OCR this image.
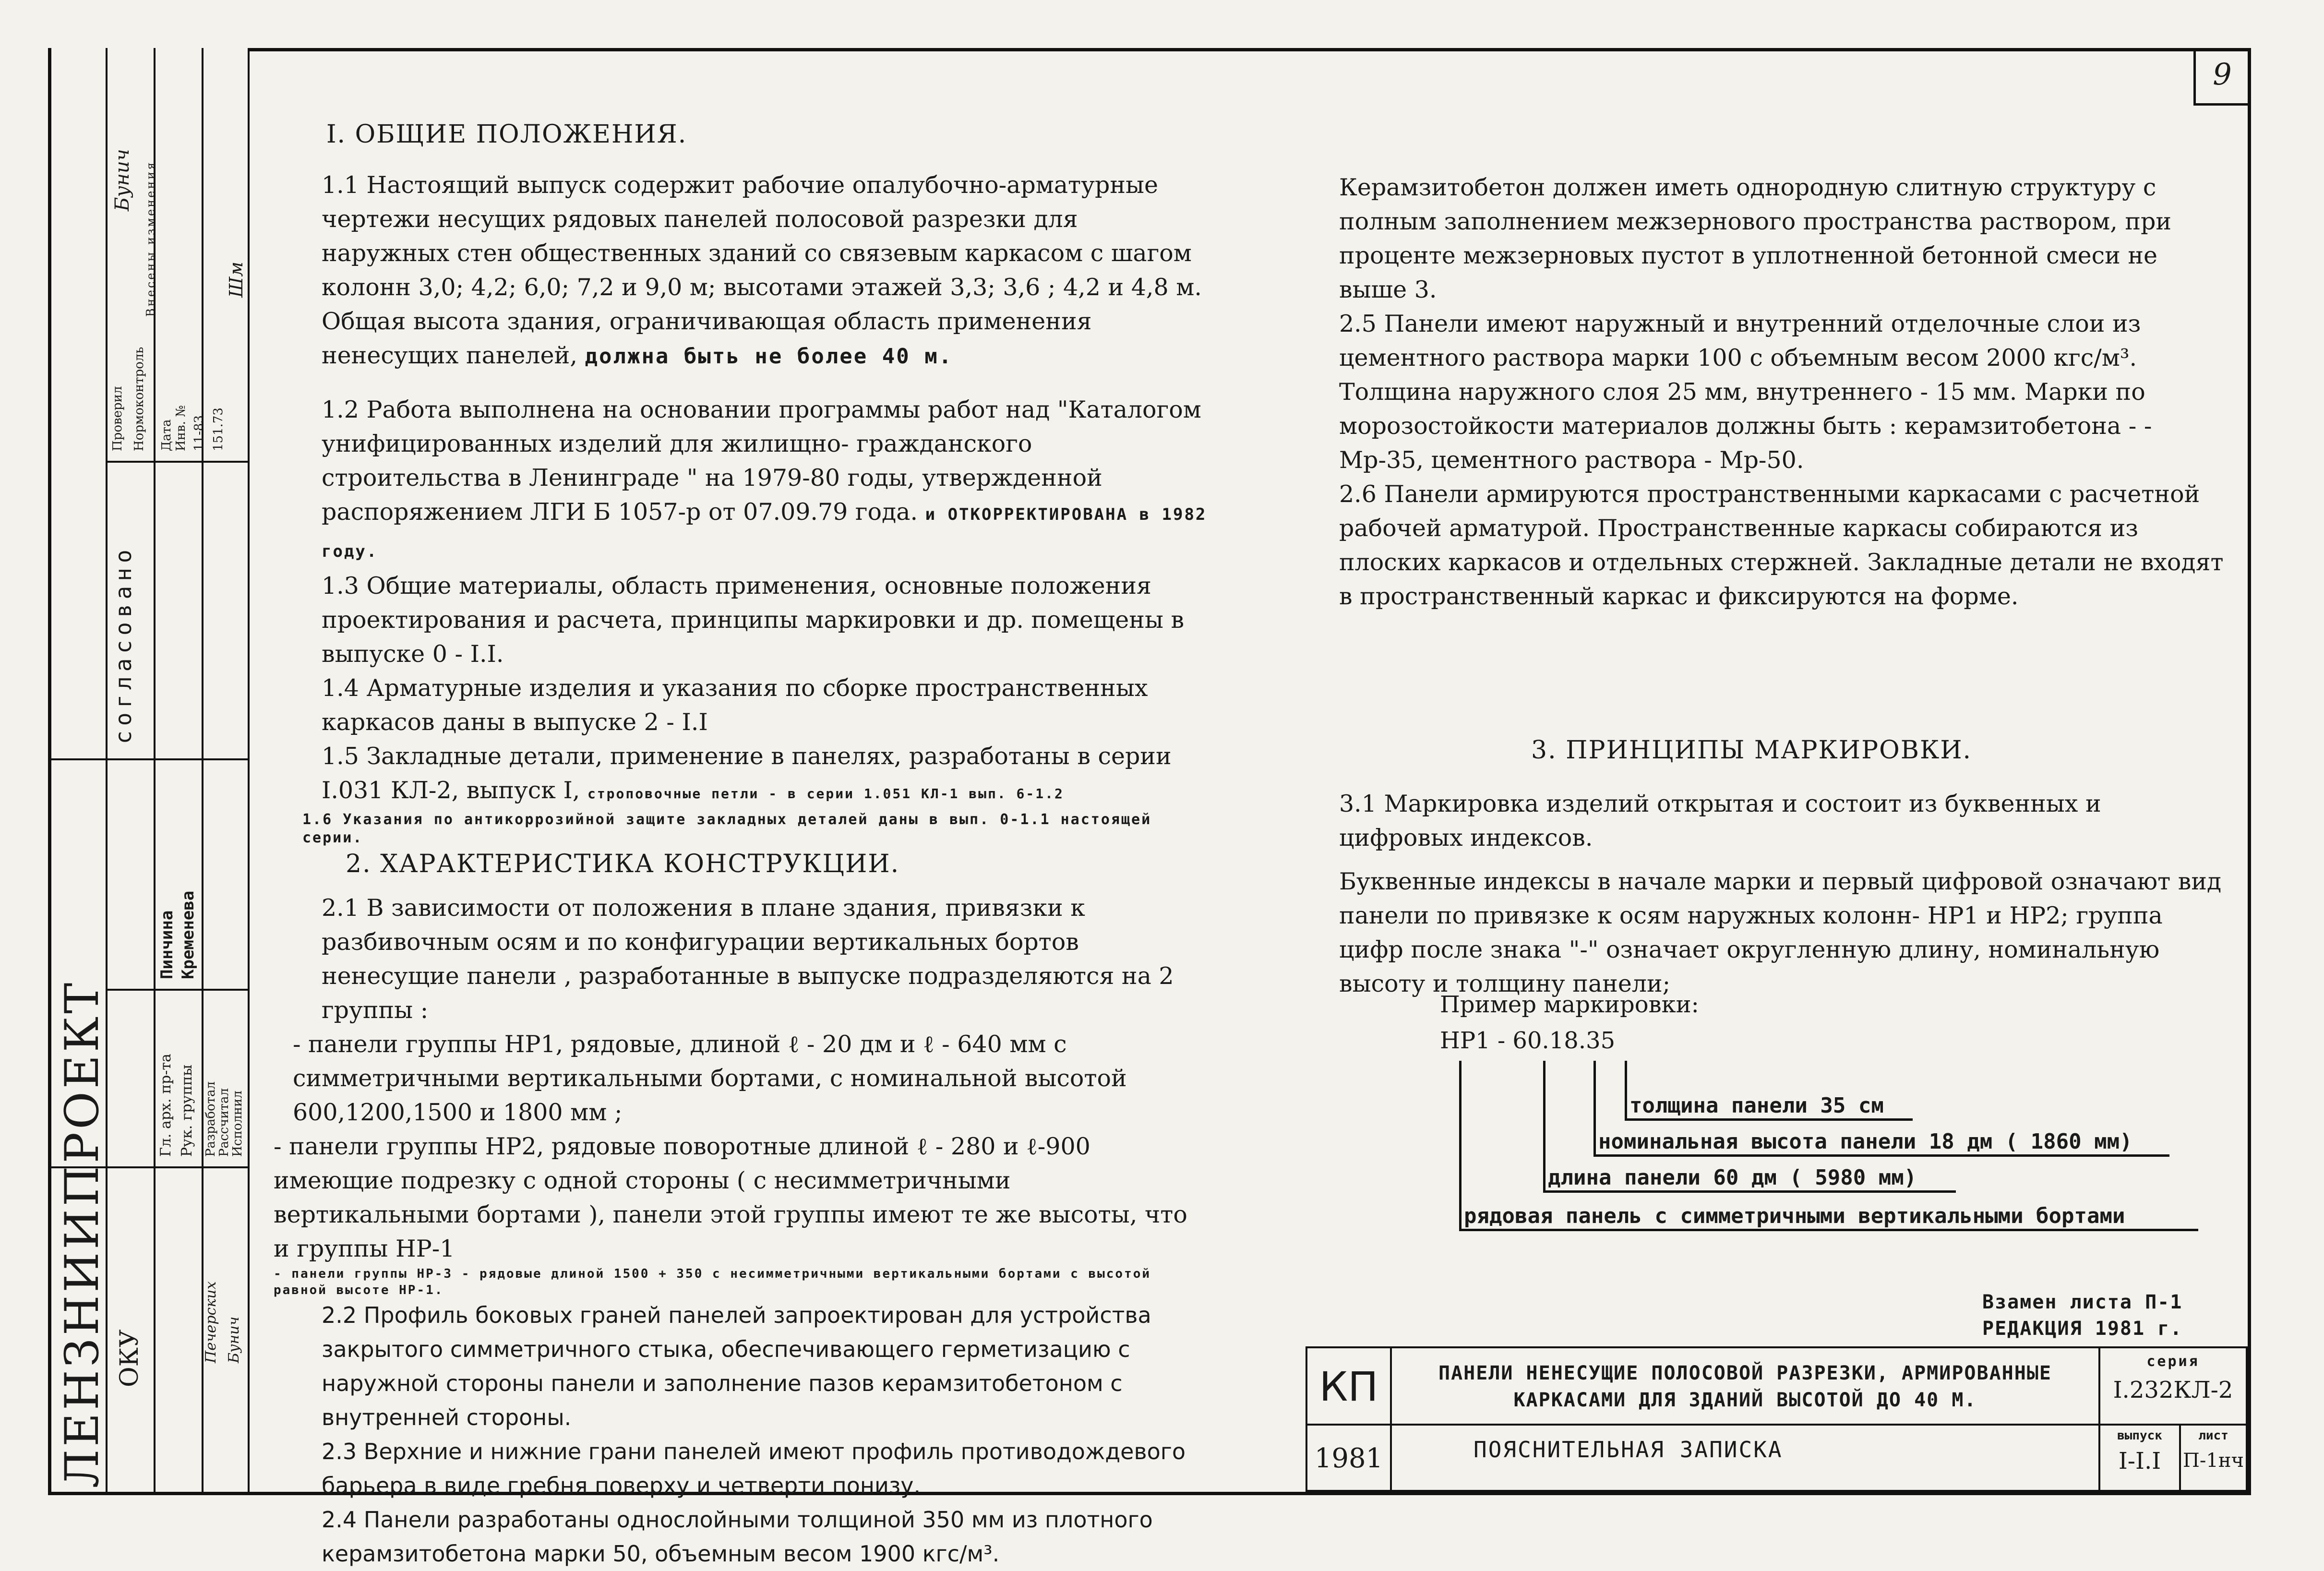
ЛЕНЗНИИПРОЕКТ ОКУ
согласовано
Гл. арх. пр-та Рук. группы Разработал
Рассчитал
Исполнил
Пинчина Кременева
Печерских Бунич
Проверил Нормоконтроль Дата Инв. № 11-83 151.73
Внесены изменения
Бунич
Шм
9

I. ОБЩИЕ ПОЛОЖЕНИЯ.

1.1 Настоящий выпуск содержит рабочие опалубочно-арматурные чертежи несущих рядовых панелей полосовой разрезки для наружных стен общественных зданий со связевым каркасом с шагом колонн 3,0; 4,2; 6,0; 7,2 и 9,0 м; высотами этажей 3,3; 3,6 ; 4,2 и 4,8 м. Общая высота здания, ограничивающая область применения ненесущих панелей, должна быть не более 40 м.

1.2 Работа выполнена на основании программы работ над "Каталогом унифицированных изделий для жилищно- гражданского строительства в Ленинграде " на 1979-80 годы, утвержденной распоряжением ЛГИ Б 1057-р от 07.09.79 года. и ОТКОРРЕКТИРОВАНА в 1982 году.

1.3 Общие материалы, область применения, основные положения проектирования и расчета, принципы маркировки и др. помещены в выпуске 0 - I.I.

1.4 Арматурные изделия и указания по сборке пространственных каркасов даны в выпуске 2 - I.I

1.5 Закладные детали, применение в панелях, разработаны в серии I.031 КЛ-2, выпуск I, строповочные петли - в серии 1.051 КЛ-1 вып. 6-1.2

1.6 Указания по антикоррозийной защите закладных деталей даны в вып. 0-1.1 настоящей серии.

2. ХАРАКТЕРИСТИКА КОНСТРУКЦИИ.

2.1 В зависимости от положения в плане здания, привязки к разбивочным осям и по конфигурации вертикальных бортов ненесущие панели , разработанные в выпуске подразделяются на 2 группы :

- панели группы НР1, рядовые, длиной ℓ - 20 дм и ℓ - 640 мм с симметричными вертикальными бортами, с номинальной высотой 600,1200,1500 и 1800 мм ;

- панели группы НР2, рядовые поворотные длиной ℓ - 280 и ℓ-900 имеющие подрезку с одной стороны ( с несимметричными вертикальными бортами ), панели этой группы имеют те же высоты, что и группы НР-1

- панели группы НР-3 - рядовые длиной 1500 + 350 с несимметричными вертикальными бортами с высотой равной высоте НР-1.

2.2 Профиль боковых граней панелей запроектирован для устройства закрытого симметричного стыка, обеспечивающего герметизацию с наружной стороны панели и заполнение пазов керамзитобетоном с внутренней стороны.

2.3 Верхние и нижние грани панелей имеют профиль противодождевого барьера в виде гребня поверху и четверти понизу.

2.4 Панели разработаны однослойными толщиной 350 мм из плотного керамзитобетона марки 50, объемным весом 1900 кгс/м³.

Керамзитобетон должен иметь однородную слитную структуру с полным заполнением межзернового пространства раствором, при проценте межзерновых пустот в уплотненной бетонной смеси не выше 3.

2.5 Панели имеют наружный и внутренний отделочные слои из цементного раствора марки 100 с объемным весом 2000 кгс/м³. Толщина наружного слоя 25 мм, внутреннего - 15 мм. Марки по морозостойкости материалов должны быть : керамзитобетона - - Мр-35, цементного раствора - Мр-50.

2.6 Панели армируются пространственными каркасами с расчетной рабочей арматурой. Пространственные каркасы собираются из плоских каркасов и отдельных стержней. Закладные детали не входят в пространственный каркас и фиксируются на форме.

3. ПРИНЦИПЫ МАРКИРОВКИ.

3.1 Маркировка изделий открытая и состоит из буквенных и цифровых индексов.

Буквенные индексы в начале марки и первый цифровой означают вид панели по привязке к осям наружных колонн- НР1 и НР2; группа цифр после знака "-" означает округленную длину, номинальную высоту и толщину панели;

Пример маркировки:
НР1 - 60.18.35
толщина панели 35 см
номинальная высота панели 18 дм ( 1860 мм)
длина панели 60 дм ( 5980 мм)
рядовая панель с симметричными вертикальными бортами
Взамен листа П-1
РЕДАКЦИЯ 1981 г.
КП	ПАНЕЛИ НЕНЕСУЩИЕ ПОЛОСОВОЙ РАЗРЕЗКИ, АРМИРОВАННЫЕ КАРКАСАМИ ДЛЯ ЗДАНИЙ ВЫСОТОЙ ДО 40 М.
серия
I.232КЛ-2
1981	ПОЯСНИТЕЛЬНАЯ ЗАПИСКА
выпуск
I-I.I
лист
П-1нч
